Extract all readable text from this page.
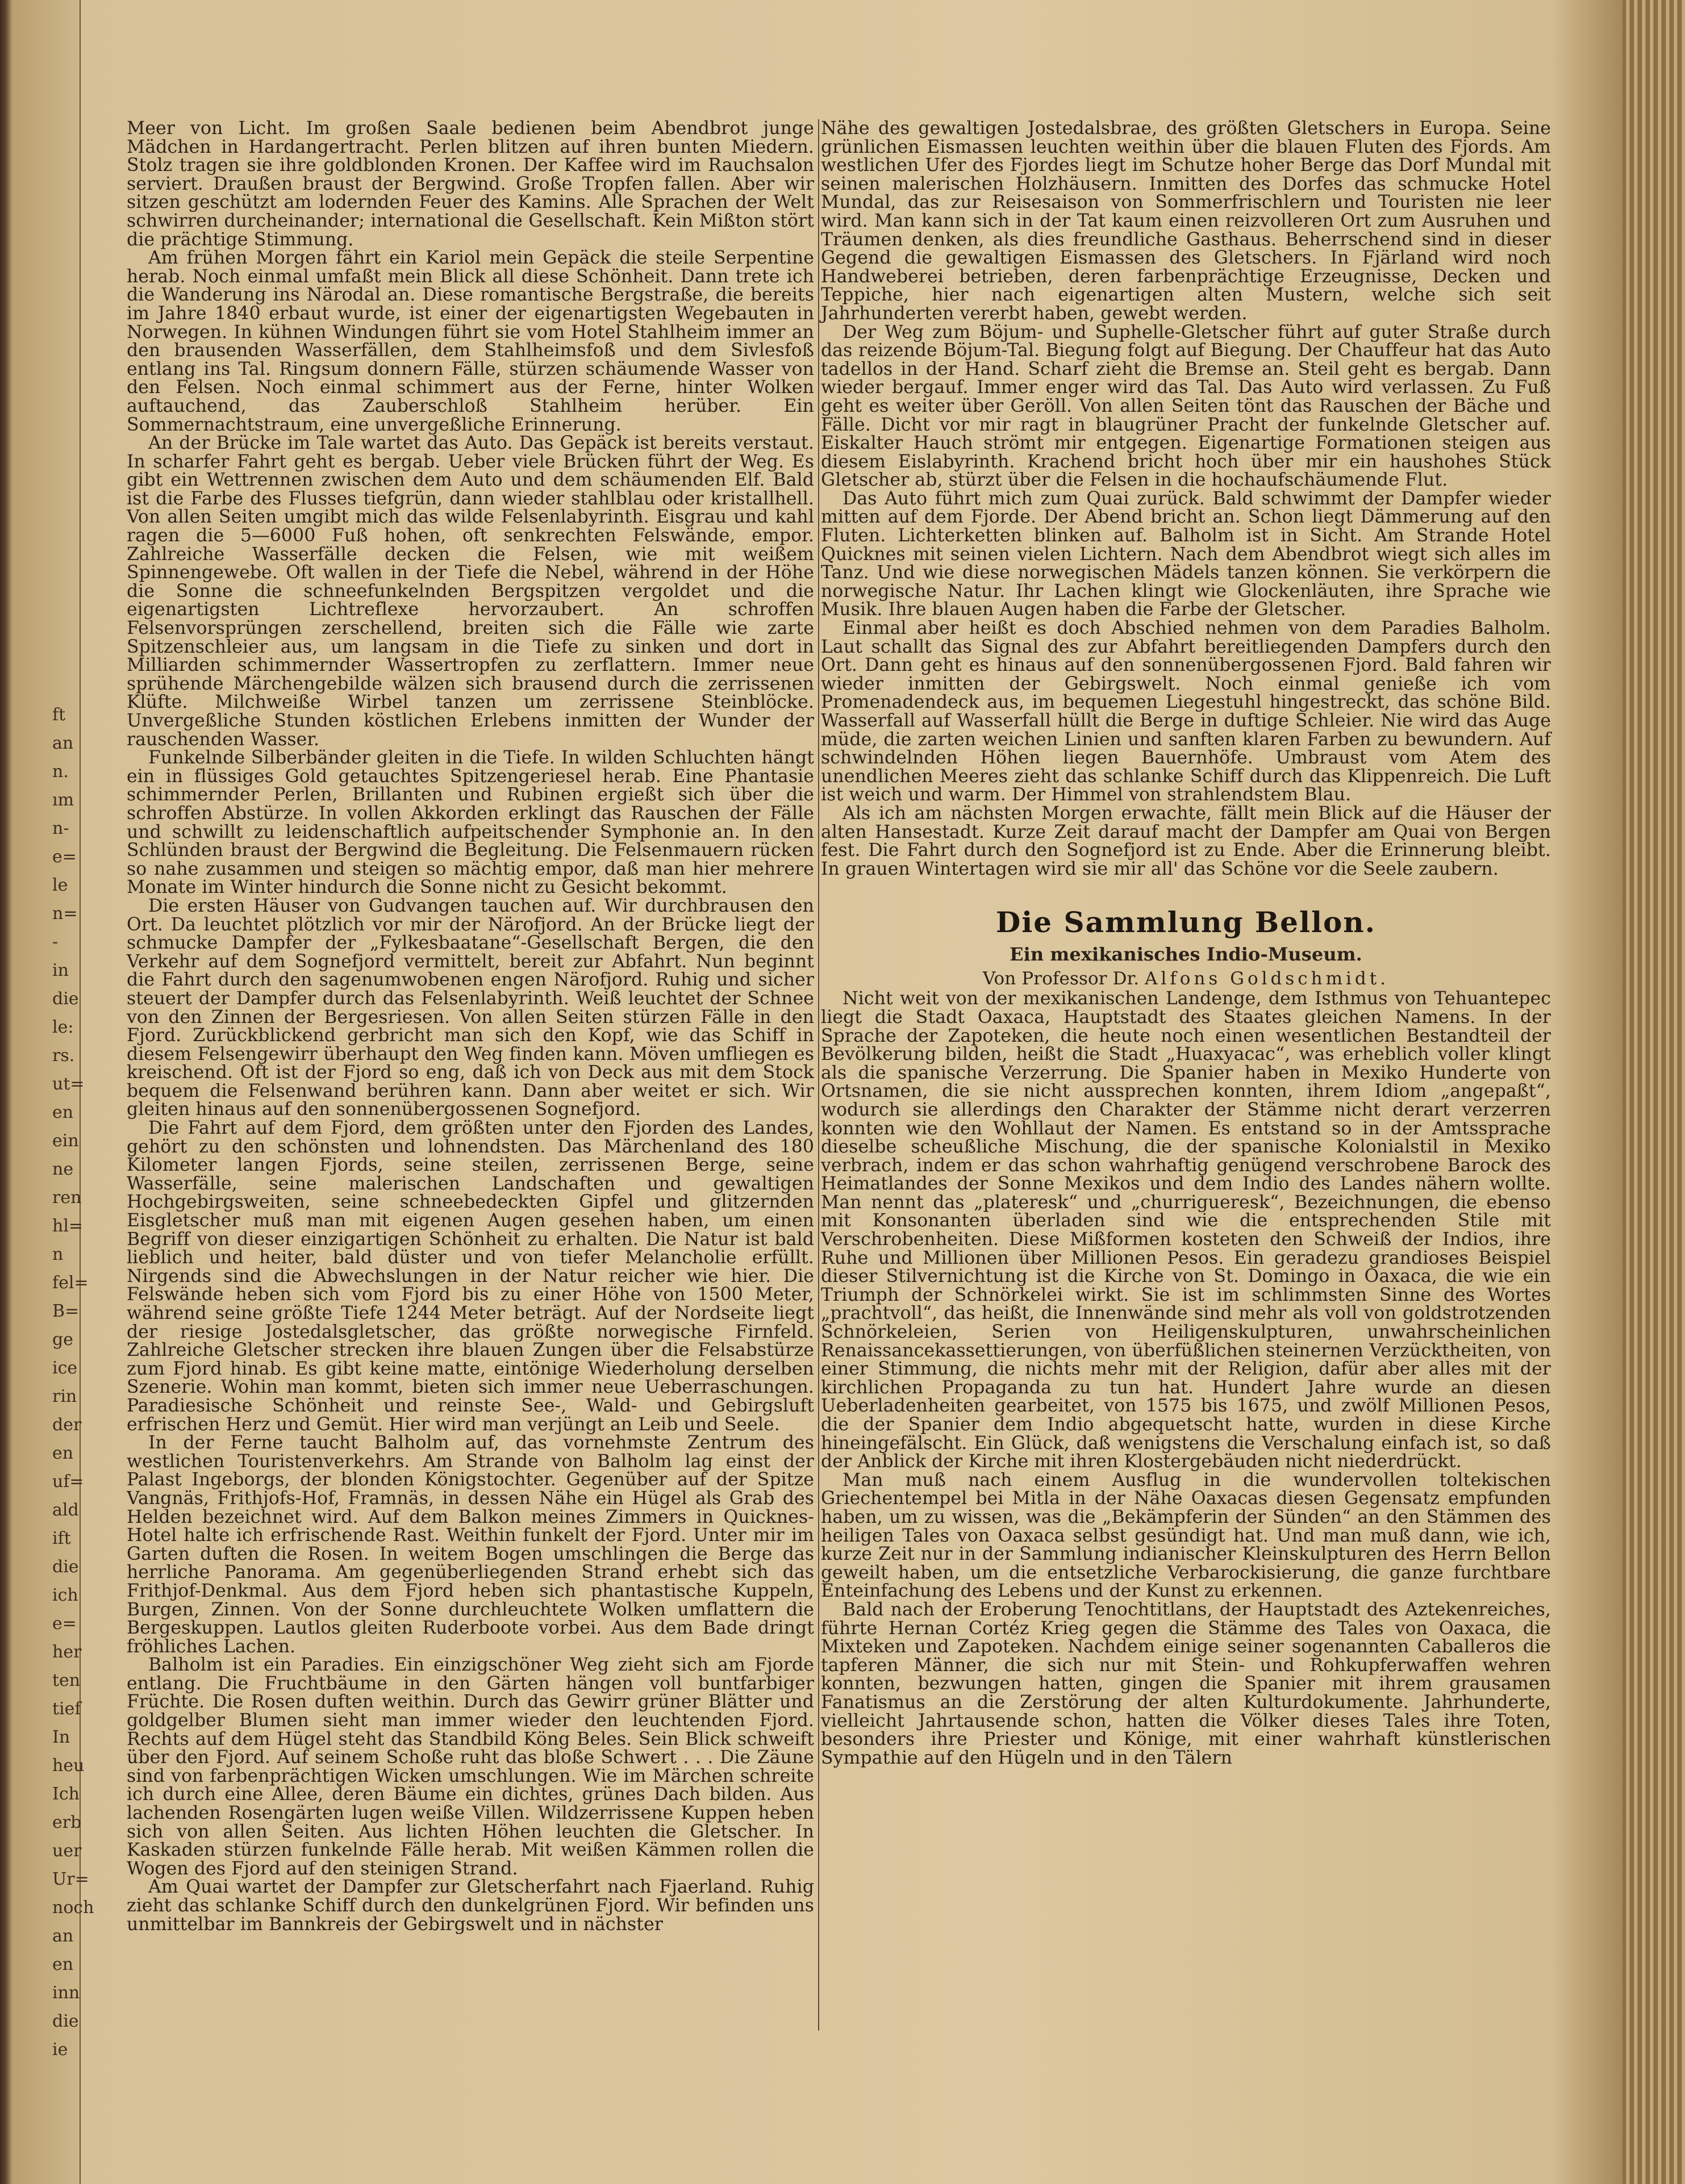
ft
an
n.
ım
n-
e=
le
n=
-
in
die
le:
rs.
ut=
en
ein
ne
ren
hl=
n
fel=
B=
ge
ice
rin
der
en
uf=
ald
ift
die
ich
e=
her
ten
tief
In
heu
Ich
erb
uer
Ur=
noch
an
en
inn
die
ie

Meer von Licht. Im großen Saale bedienen beim Abendbrot junge Mädchen in Hardangertracht. Perlen blitzen auf ihren bunten Miedern. Stolz tragen sie ihre goldblonden Kronen. Der Kaffee wird im Rauchsalon serviert. Draußen braust der Bergwind. Große Tropfen fallen. Aber wir sitzen geschützt am lodernden Feuer des Kamins. Alle Sprachen der Welt schwirren durcheinander; international die Gesellschaft. Kein Mißton stört die prächtige Stimmung.

Am frühen Morgen fährt ein Kariol mein Gepäck die steile Serpentine herab. Noch einmal umfaßt mein Blick all diese Schönheit. Dann trete ich die Wanderung ins Närodal an. Diese romantische Bergstraße, die bereits im Jahre 1840 erbaut wurde, ist einer der eigenartigsten Wegebauten in Norwegen. In kühnen Windungen führt sie vom Hotel Stahlheim immer an den brausenden Wasserfällen, dem Stahlheimsfoß und dem Sivlesfoß entlang ins Tal. Ringsum donnern Fälle, stürzen schäumende Wasser von den Felsen. Noch einmal schimmert aus der Ferne, hinter Wolken auftauchend, das Zauberschloß Stahlheim herüber. Ein Sommernachtstraum, eine unvergeßliche Erinnerung.

An der Brücke im Tale wartet das Auto. Das Gepäck ist bereits verstaut. In scharfer Fahrt geht es bergab. Ueber viele Brücken führt der Weg. Es gibt ein Wettrennen zwischen dem Auto und dem schäumenden Elf. Bald ist die Farbe des Flusses tiefgrün, dann wieder stahlblau oder kristallhell. Von allen Seiten umgibt mich das wilde Felsenlabyrinth. Eisgrau und kahl ragen die 5—6000 Fuß hohen, oft senkrechten Felswände, empor. Zahlreiche Wasserfälle decken die Felsen, wie mit weißem Spinnengewebe. Oft wallen in der Tiefe die Nebel, während in der Höhe die Sonne die schneefunkelnden Bergspitzen vergoldet und die eigenartigsten Lichtreflexe hervorzaubert. An schroffen Felsenvorsprüngen zerschellend, breiten sich die Fälle wie zarte Spitzenschleier aus, um langsam in die Tiefe zu sinken und dort in Milliarden schimmernder Wassertropfen zu zerflattern. Immer neue sprühende Märchengebilde wälzen sich brausend durch die zerrissenen Klüfte. Milchweiße Wirbel tanzen um zerrissene Steinblöcke. Unvergeßliche Stunden köstlichen Erlebens inmitten der Wunder der rauschenden Wasser.

Funkelnde Silberbänder gleiten in die Tiefe. In wilden Schluchten hängt ein in flüssiges Gold getauchtes Spitzengeriesel herab. Eine Phantasie schimmernder Perlen, Brillanten und Rubinen ergießt sich über die schroffen Abstürze. In vollen Akkorden erklingt das Rauschen der Fälle und schwillt zu leidenschaftlich aufpeitschender Symphonie an. In den Schlünden braust der Bergwind die Begleitung. Die Felsenmauern rücken so nahe zusammen und steigen so mächtig empor, daß man hier mehrere Monate im Winter hindurch die Sonne nicht zu Gesicht bekommt.

Die ersten Häuser von Gudvangen tauchen auf. Wir durchbrausen den Ort. Da leuchtet plötzlich vor mir der Närofjord. An der Brücke liegt der schmucke Dampfer der „Fylkesbaatane“-Gesellschaft Bergen, die den Verkehr auf dem Sognefjord vermittelt, bereit zur Abfahrt. Nun beginnt die Fahrt durch den sagenumwobenen engen Närofjord. Ruhig und sicher steuert der Dampfer durch das Felsenlabyrinth. Weiß leuchtet der Schnee von den Zinnen der Bergesriesen. Von allen Seiten stürzen Fälle in den Fjord. Zurückblickend gerbricht man sich den Kopf, wie das Schiff in diesem Felsengewirr überhaupt den Weg finden kann. Möven umfliegen es kreischend. Oft ist der Fjord so eng, daß ich von Deck aus mit dem Stock bequem die Felsenwand berühren kann. Dann aber weitet er sich. Wir gleiten hinaus auf den sonnenübergossenen Sognefjord.

Die Fahrt auf dem Fjord, dem größten unter den Fjorden des Landes, gehört zu den schönsten und lohnendsten. Das Märchenland des 180 Kilometer langen Fjords, seine steilen, zerrissenen Berge, seine Wasserfälle, seine malerischen Landschaften und gewaltigen Hochgebirgsweiten, seine schneebedeckten Gipfel und glitzernden Eisgletscher muß man mit eigenen Augen gesehen haben, um einen Begriff von dieser einzigartigen Schönheit zu erhalten. Die Natur ist bald lieblich und heiter, bald düster und von tiefer Melancholie erfüllt. Nirgends sind die Abwechslungen in der Natur reicher wie hier. Die Felswände heben sich vom Fjord bis zu einer Höhe von 1500 Meter, während seine größte Tiefe 1244 Meter beträgt. Auf der Nordseite liegt der riesige Jostedalsgletscher, das größte norwegische Firnfeld. Zahlreiche Gletscher strecken ihre blauen Zungen über die Felsabstürze zum Fjord hinab. Es gibt keine matte, eintönige Wiederholung derselben Szenerie. Wohin man kommt, bieten sich immer neue Ueberraschungen. Paradiesische Schönheit und reinste See-, Wald- und Gebirgsluft erfrischen Herz und Gemüt. Hier wird man verjüngt an Leib und Seele.

In der Ferne taucht Balholm auf, das vornehmste Zentrum des westlichen Touristenverkehrs. Am Strande von Balholm lag einst der Palast Ingeborgs, der blonden Königstochter. Gegenüber auf der Spitze Vangnäs, Frithjofs-Hof, Framnäs, in dessen Nähe ein Hügel als Grab des Helden bezeichnet wird. Auf dem Balkon meines Zimmers in Quicknes-Hotel halte ich erfrischende Rast. Weithin funkelt der Fjord. Unter mir im Garten duften die Rosen. In weitem Bogen umschlingen die Berge das herrliche Panorama. Am gegenüberliegenden Strand erhebt sich das Frithjof-Denkmal. Aus dem Fjord heben sich phantastische Kuppeln, Burgen, Zinnen. Von der Sonne durchleuchtete Wolken umflattern die Bergeskuppen. Lautlos gleiten Ruderboote vorbei. Aus dem Bade dringt fröhliches Lachen.

Balholm ist ein Paradies. Ein einzigschöner Weg zieht sich am Fjorde entlang. Die Fruchtbäume in den Gärten hängen voll buntfarbiger Früchte. Die Rosen duften weithin. Durch das Gewirr grüner Blätter und goldgelber Blumen sieht man immer wieder den leuchtenden Fjord. Rechts auf dem Hügel steht das Standbild Köng Beles. Sein Blick schweift über den Fjord. Auf seinem Schoße ruht das bloße Schwert . . . Die Zäune sind von farbenprächtigen Wicken umschlungen. Wie im Märchen schreite ich durch eine Allee, deren Bäume ein dichtes, grünes Dach bilden. Aus lachenden Rosengärten lugen weiße Villen. Wildzerrissene Kuppen heben sich von allen Seiten. Aus lichten Höhen leuchten die Gletscher. In Kaskaden stürzen funkelnde Fälle herab. Mit weißen Kämmen rollen die Wogen des Fjord auf den steinigen Strand.

Am Quai wartet der Dampfer zur Gletscherfahrt nach Fjaerland. Ruhig zieht das schlanke Schiff durch den dunkelgrünen Fjord. Wir befinden uns unmittelbar im Bannkreis der Gebirgswelt und in nächster

Nähe des gewaltigen Jostedalsbrae, des größten Gletschers in Europa. Seine grünlichen Eismassen leuchten weithin über die blauen Fluten des Fjords. Am westlichen Ufer des Fjordes liegt im Schutze hoher Berge das Dorf Mundal mit seinen malerischen Holzhäusern. Inmitten des Dorfes das schmucke Hotel Mundal, das zur Reisesaison von Sommerfrischlern und Touristen nie leer wird. Man kann sich in der Tat kaum einen reizvolleren Ort zum Ausruhen und Träumen denken, als dies freundliche Gasthaus. Beherrschend sind in dieser Gegend die gewaltigen Eismassen des Gletschers. In Fjärland wird noch Handweberei betrieben, deren farbenprächtige Erzeugnisse, Decken und Teppiche, hier nach eigenartigen alten Mustern, welche sich seit Jahrhunderten vererbt haben, gewebt werden.

Der Weg zum Böjum- und Suphelle-Gletscher führt auf guter Straße durch das reizende Böjum-Tal. Biegung folgt auf Biegung. Der Chauffeur hat das Auto tadellos in der Hand. Scharf zieht die Bremse an. Steil geht es bergab. Dann wieder bergauf. Immer enger wird das Tal. Das Auto wird verlassen. Zu Fuß geht es weiter über Geröll. Von allen Seiten tönt das Rauschen der Bäche und Fälle. Dicht vor mir ragt in blaugrüner Pracht der funkelnde Gletscher auf. Eiskalter Hauch strömt mir entgegen. Eigenartige Formationen steigen aus diesem Eislabyrinth. Krachend bricht hoch über mir ein haushohes Stück Gletscher ab, stürzt über die Felsen in die hochaufschäumende Flut.

Das Auto führt mich zum Quai zurück. Bald schwimmt der Dampfer wieder mitten auf dem Fjorde. Der Abend bricht an. Schon liegt Dämmerung auf den Fluten. Lichterketten blinken auf. Balholm ist in Sicht. Am Strande Hotel Quicknes mit seinen vielen Lichtern. Nach dem Abendbrot wiegt sich alles im Tanz. Und wie diese norwegischen Mädels tanzen können. Sie verkörpern die norwegische Natur. Ihr Lachen klingt wie Glockenläuten, ihre Sprache wie Musik. Ihre blauen Augen haben die Farbe der Gletscher.

Einmal aber heißt es doch Abschied nehmen von dem Paradies Balholm. Laut schallt das Signal des zur Abfahrt bereitliegenden Dampfers durch den Ort. Dann geht es hinaus auf den sonnenübergossenen Fjord. Bald fahren wir wieder inmitten der Gebirgswelt. Noch einmal genieße ich vom Promenadendeck aus, im bequemen Liegestuhl hingestreckt, das schöne Bild. Wasserfall auf Wasserfall hüllt die Berge in duftige Schleier. Nie wird das Auge müde, die zarten weichen Linien und sanften klaren Farben zu bewundern. Auf schwindelnden Höhen liegen Bauernhöfe. Umbraust vom Atem des unendlichen Meeres zieht das schlanke Schiff durch das Klippenreich. Die Luft ist weich und warm. Der Himmel von strahlendstem Blau.

Als ich am nächsten Morgen erwachte, fällt mein Blick auf die Häuser der alten Hansestadt. Kurze Zeit darauf macht der Dampfer am Quai von Bergen fest. Die Fahrt durch den Sognefjord ist zu Ende. Aber die Erinnerung bleibt. In grauen Wintertagen wird sie mir all' das Schöne vor die Seele zaubern.

Die Sammlung Bellon.
Ein mexikanisches Indio-Museum.

Von Professor Dr. Alfons Goldschmidt.

Nicht weit von der mexikanischen Landenge, dem Isthmus von Tehuantepec liegt die Stadt Oaxaca, Hauptstadt des Staates gleichen Namens. In der Sprache der Zapoteken, die heute noch einen wesentlichen Bestandteil der Bevölkerung bilden, heißt die Stadt „Huaxyacac“, was erheblich voller klingt als die spanische Verzerrung. Die Spanier haben in Mexiko Hunderte von Ortsnamen, die sie nicht aussprechen konnten, ihrem Idiom „angepaßt“, wodurch sie allerdings den Charakter der Stämme nicht derart verzerren konnten wie den Wohllaut der Namen. Es entstand so in der Amtssprache dieselbe scheußliche Mischung, die der spanische Kolonialstil in Mexiko verbrach, indem er das schon wahrhaftig genügend verschrobene Barock des Heimatlandes der Sonne Mexikos und dem Indio des Landes nähern wollte. Man nennt das „plateresk“ und „churrigueresk“, Bezeichnungen, die ebenso mit Konsonanten überladen sind wie die entsprechenden Stile mit Verschrobenheiten. Diese Mißformen kosteten den Schweiß der Indios, ihre Ruhe und Millionen über Millionen Pesos. Ein geradezu grandioses Beispiel dieser Stilvernichtung ist die Kirche von St. Domingo in Oaxaca, die wie ein Triumph der Schnörkelei wirkt. Sie ist im schlimmsten Sinne des Wortes „prachtvoll“, das heißt, die Innenwände sind mehr als voll von goldstrotzenden Schnörkeleien, Serien von Heiligenskulpturen, unwahrscheinlichen Renaissancekassettierungen, von überfüßlichen steinernen Verzücktheiten, von einer Stimmung, die nichts mehr mit der Religion, dafür aber alles mit der kirchlichen Propaganda zu tun hat. Hundert Jahre wurde an diesen Ueberladenheiten gearbeitet, von 1575 bis 1675, und zwölf Millionen Pesos, die der Spanier dem Indio abgequetscht hatte, wurden in diese Kirche hineingefälscht. Ein Glück, daß wenigstens die Verschalung einfach ist, so daß der Anblick der Kirche mit ihren Klostergebäuden nicht niederdrückt.

Man muß nach einem Ausflug in die wundervollen toltekischen Griechentempel bei Mitla in der Nähe Oaxacas diesen Gegensatz empfunden haben, um zu wissen, was die „Bekämpferin der Sünden“ an den Stämmen des heiligen Tales von Oaxaca selbst gesündigt hat. Und man muß dann, wie ich, kurze Zeit nur in der Sammlung indianischer Kleinskulpturen des Herrn Bellon geweilt haben, um die entsetzliche Verbarockisierung, die ganze furchtbare Enteinfachung des Lebens und der Kunst zu erkennen.

Bald nach der Eroberung Tenochtitlans, der Hauptstadt des Aztekenreiches, führte Hernan Cortéz Krieg gegen die Stämme des Tales von Oaxaca, die Mixteken und Zapoteken. Nachdem einige seiner sogenannten Caballeros die tapferen Männer, die sich nur mit Stein- und Rohkupferwaffen wehren konnten, bezwungen hatten, gingen die Spanier mit ihrem grausamen Fanatismus an die Zerstörung der alten Kulturdokumente. Jahrhunderte, vielleicht Jahrtausende schon, hatten die Völker dieses Tales ihre Toten, besonders ihre Priester und Könige, mit einer wahrhaft künstlerischen Sympathie auf den Hügeln und in den Tälern
